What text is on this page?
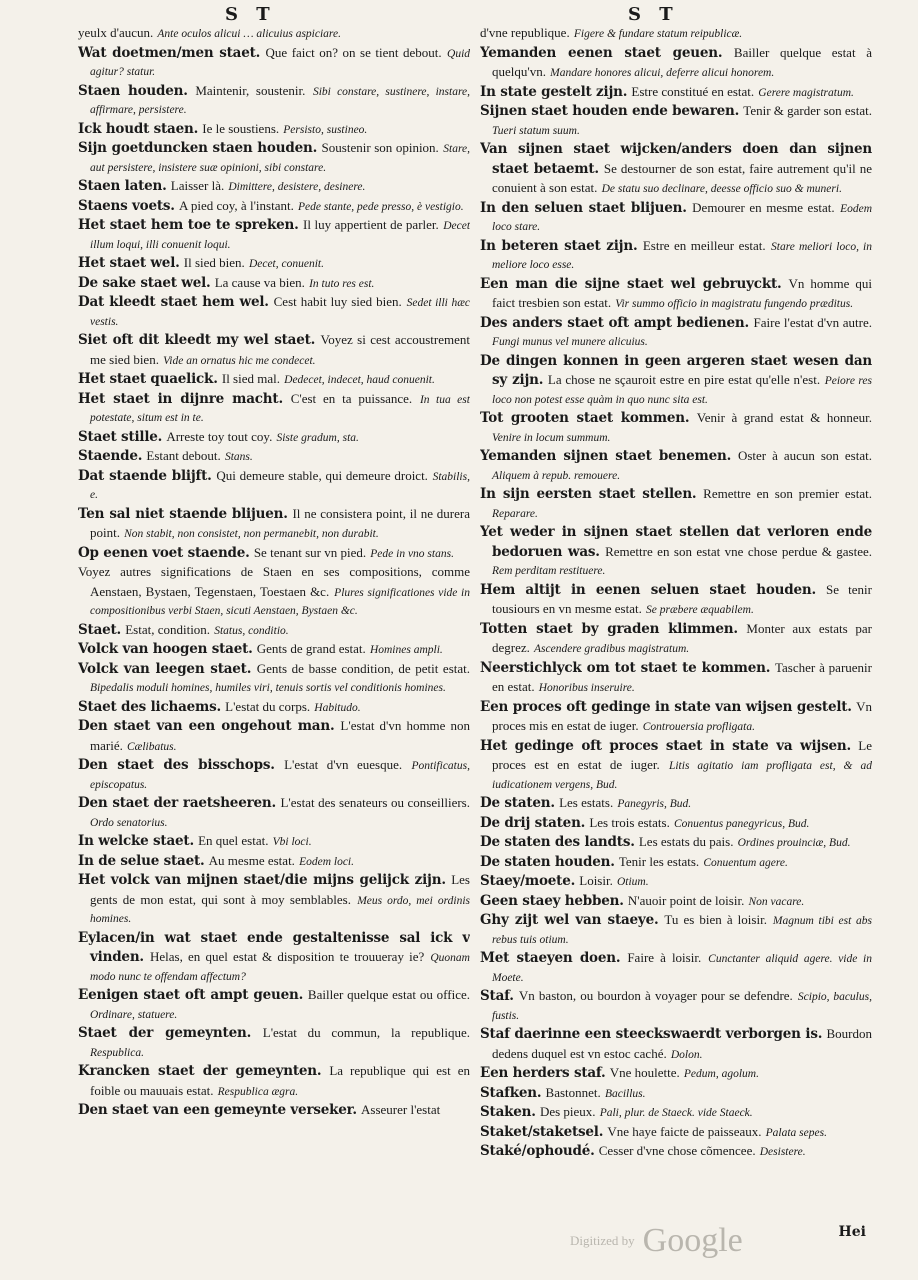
S T	S T

yeulx d'aucun. Ante oculos alicui … alicuius aspiciare.

Wat doetmen/men staet. Que faict on? on se tient debout. Quid agitur? statur.

Staen houden. Maintenir, soustenir. Sibi constare, sustinere, instare, affirmare, persistere.

Ick houdt staen. Ie le soustiens. Persisto, sustineo.

Sijn goetduncken staen houden. Soustenir son opinion. Stare, aut persistere, insistere suæ opinioni, sibi constare.

Staen laten. Laisser là. Dimittere, desistere, desinere.

Staens voets. A pied coy, à l'instant. Pede stante, pede presso, è vestigio.

Het staet hem toe te spreken. Il luy appertient de parler. Decet illum loqui, illi conuenit loqui.

Het staet wel. Il sied bien. Decet, conuenit.

De sake staet wel. La cause va bien. In tuto res est.

Dat kleedt staet hem wel. Cest habit luy sied bien. Sedet illi hæc vestis.

Siet oft dit kleedt my wel staet. Voyez si cest accoustrement me sied bien. Vide an ornatus hic me condecet.

Het staet quaelick. Il sied mal. Dedecet, indecet, haud conuenit.

Het staet in dijnre macht. C'est en ta puissance. In tua est potestate, situm est in te.

Staet stille. Arreste toy tout coy. Siste gradum, sta.

Staende. Estant debout. Stans.

Dat staende blijft. Qui demeure stable, qui demeure droict. Stabilis, e.

Ten sal niet staende blijuen. Il ne consistera point, il ne durera point. Non stabit, non consistet, non permanebit, non durabit.

Op eenen voet staende. Se tenant sur vn pied. Pede in vno stans.

Voyez autres significations de Staen en ses compositions, comme Aenstaen, Bystaen, Tegenstaen, Toestaen &c. Plures significationes vide in compositionibus verbi Staen, sicuti Aenstaen, Bystaen &c.

Staet. Estat, condition. Status, conditio.

Volck van hoogen staet. Gents de grand estat. Homines ampli.

Volck van leegen staet. Gents de basse condition, de petit estat. Bipedalis moduli homines, humiles viri, tenuis sortis vel conditionis homines.

Staet des lichaems. L'estat du corps. Habitudo.

Den staet van een ongehout man. L'estat d'vn homme non marié. Cælibatus.

Den staet des bisschops. L'estat d'vn euesque. Pontificatus, episcopatus.

Den staet der raetsheeren. L'estat des senateurs ou conseilliers. Ordo senatorius.

In welcke staet. En quel estat. Vbi loci.

In de selue staet. Au mesme estat. Eodem loci.

Het volck van mijnen staet/die mijns gelijck zijn. Les gents de mon estat, qui sont à moy semblables. Meus ordo, mei ordinis homines.

Eylacen/in wat staet ende gestaltenisse sal ick v vinden. Helas, en quel estat & disposition te trouueray ie? Quonam modo nunc te offendam affectum?

Eenigen staet oft ampt geuen. Bailler quelque estat ou office. Ordinare, statuere.

Staet der gemeynten. L'estat du commun, la republique. Respublica.

Krancken staet der gemeynten. La republique qui est en foible ou mauuais estat. Respublica ægra.

Den staet van een gemeynte verseker. Asseurer l'estat

d'vne republique. Figere & fundare statum reipublicæ.

Yemanden eenen staet geuen. Bailler quelque estat à quelqu'vn. Mandare honores alicui, deferre alicui honorem.

In state gestelt zijn. Estre constitué en estat. Gerere magistratum.

Sijnen staet houden ende bewaren. Tenir & garder son estat. Tueri statum suum.

Van sijnen staet wijcken/anders doen dan sijnen staet betaemt. Se destourner de son estat, faire autrement qu'il ne conuient à son estat. De statu suo declinare, deesse officio suo & muneri.

In den seluen staet blijuen. Demourer en mesme estat. Eodem loco stare.

In beteren staet zijn. Estre en meilleur estat. Stare meliori loco, in meliore loco esse.

Een man die sijne staet wel gebruyckt. Vn homme qui faict tresbien son estat. Vir summo officio in magistratu fungendo præditus.

Des anders staet oft ampt bedienen. Faire l'estat d'vn autre. Fungi munus vel munere alicuius.

De dingen konnen in geen argeren staet wesen dan sy zijn. La chose ne sçauroit estre en pire estat qu'elle n'est. Peiore res loco non potest esse quàm in quo nunc sita est.

Tot grooten staet kommen. Venir à grand estat & honneur. Venire in locum summum.

Yemanden sijnen staet benemen. Oster à aucun son estat. Aliquem à repub. remouere.

In sijn eersten staet stellen. Remettre en son premier estat. Reparare.

Yet weder in sijnen staet stellen dat verloren ende bedoruen was. Remettre en son estat vne chose perdue & gastee. Rem perditam restituere.

Hem altijt in eenen seluen staet houden. Se tenir tousiours en vn mesme estat. Se præbere æquabilem.

Totten staet by graden klimmen. Monter aux estats par degrez. Ascendere gradibus magistratum.

Neerstichlyck om tot staet te kommen. Tascher à paruenir en estat. Honoribus inseruire.

Een proces oft gedinge in state van wijsen gestelt. Vn proces mis en estat de iuger. Controuersia profligata.

Het gedinge oft proces staet in state va wijsen. Le proces est en estat de iuger. Litis agitatio iam profligata est, & ad iudicationem vergens, Bud.

De staten. Les estats. Panegyris, Bud.

De drij staten. Les trois estats. Conuentus panegyricus, Bud.

De staten des landts. Les estats du pais. Ordines prouinciæ, Bud.

De staten houden. Tenir les estats. Conuentum agere.

Staey/moete. Loisir. Otium.

Geen staey hebben. N'auoir point de loisir. Non vacare.

Ghy zijt wel van staeye. Tu es bien à loisir. Magnum tibi est abs rebus tuis otium.

Met staeyen doen. Faire à loisir. Cunctanter aliquid agere. vide in Moete.

Staf. Vn baston, ou bourdon à voyager pour se defendre. Scipio, baculus, fustis.

Staf daerinne een steeckswaerdt verborgen is. Bourdon dedens duquel est vn estoc caché. Dolon.

Een herders staf. Vne houlette. Pedum, agolum.

Stafken. Bastonnet. Bacillus.

Staken. Des pieux. Pali, plur. de Staeck. vide Staeck.

Staket/staketsel. Vne haye faicte de paisseaux. Palata sepes.

Staké/ophoudé. Cesser d'vne chose cõmencee. Desistere.

Digitized by Google	Hei
